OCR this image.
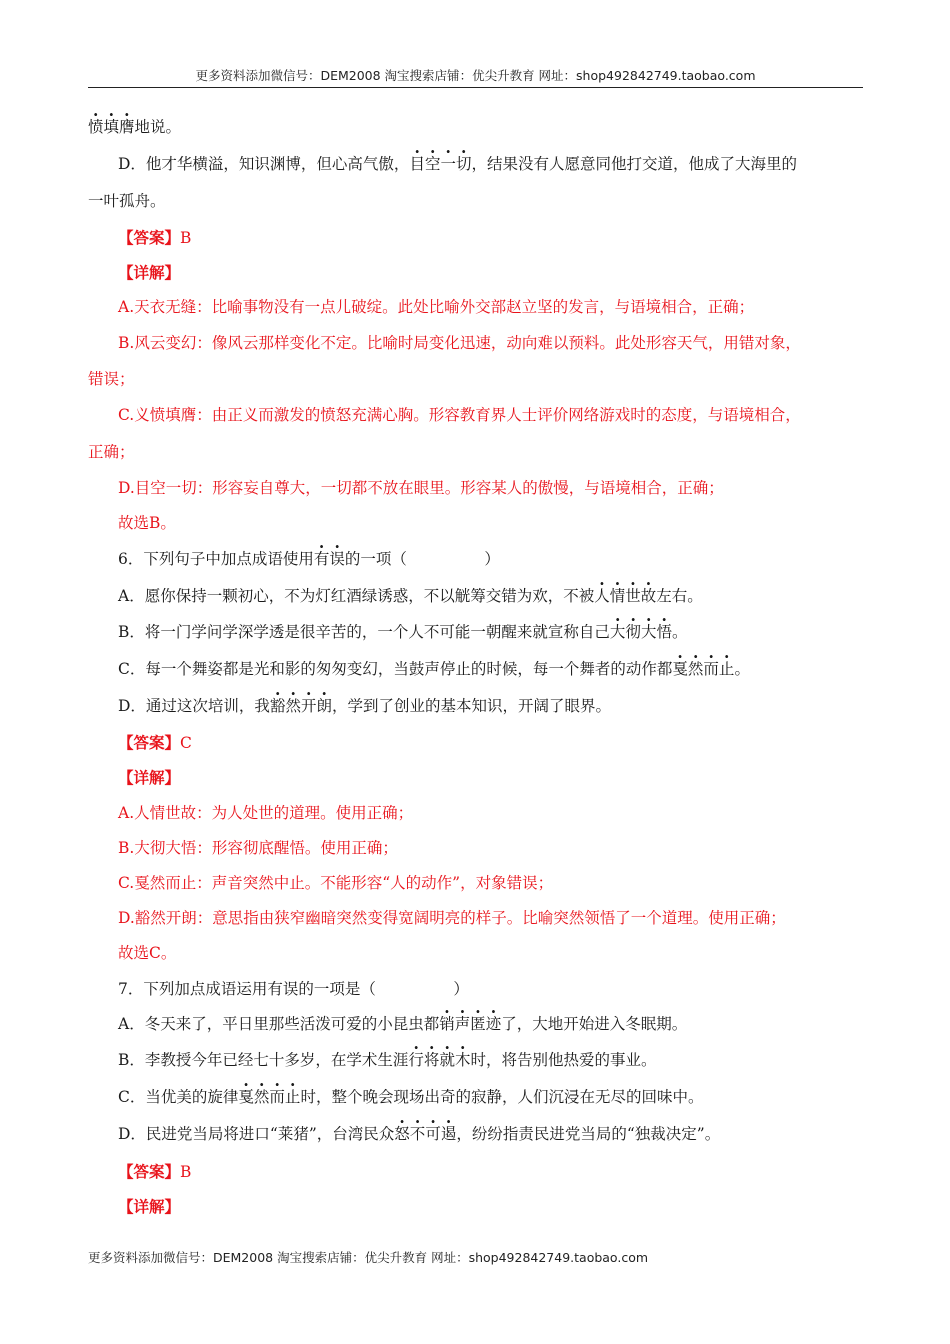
更多资料添加微信号：DEM2008 淘宝搜索店铺：优尖升教育 网址：shop492842749.taobao.com
愤填膺地说。
D．他才华横溢，知识渊博，但心高气傲，目空一切，结果没有人愿意同他打交道，他成了大海里的
一叶孤舟。
【答案】B
【详解】
A.天衣无缝：比喻事物没有一点儿破绽。此处比喻外交部赵立坚的发言，与语境相合，正确；
B.风云变幻：像风云那样变化不定。比喻时局变化迅速，动向难以预料。此处形容天气，用错对象，
错误；
C.义愤填膺：由正义而激发的愤怒充满心胸。形容教育界人士评价网络游戏时的态度，与语境相合，
正确；
D.目空一切：形容妄自尊大，一切都不放在眼里。形容某人的傲慢，与语境相合，正确；
故选B。
6．下列句子中加点成语使用有误的一项（　　　　　）
A．愿你保持一颗初心，不为灯红酒绿诱惑，不以觥筹交错为欢，不被人情世故左右。
B．将一门学问学深学透是很辛苦的，一个人不可能一朝醒来就宣称自己大彻大悟。
C．每一个舞姿都是光和影的匆匆变幻，当鼓声停止的时候，每一个舞者的动作都戛然而止。
D．通过这次培训，我豁然开朗，学到了创业的基本知识，开阔了眼界。
【答案】C
【详解】
A.人情世故：为人处世的道理。使用正确；
B.大彻大悟：形容彻底醒悟。使用正确；
C.戛然而止：声音突然中止。不能形容“人的动作”，对象错误；
D.豁然开朗：意思指由狭窄幽暗突然变得宽阔明亮的样子。比喻突然领悟了一个道理。使用正确；
故选C。
7．下列加点成语运用有误的一项是（　　　　　）
A．冬天来了，平日里那些活泼可爱的小昆虫都销声匿迹了，大地开始进入冬眠期。
B．李教授今年已经七十多岁，在学术生涯行将就木时，将告别他热爱的事业。
C．当优美的旋律戛然而止时，整个晚会现场出奇的寂静，人们沉浸在无尽的回味中。
D．民进党当局将进口“莱猪”，台湾民众怒不可遏，纷纷指责民进党当局的“独裁决定”。
【答案】B
【详解】
更多资料添加微信号：DEM2008 淘宝搜索店铺：优尖升教育 网址：shop492842749.taobao.com
